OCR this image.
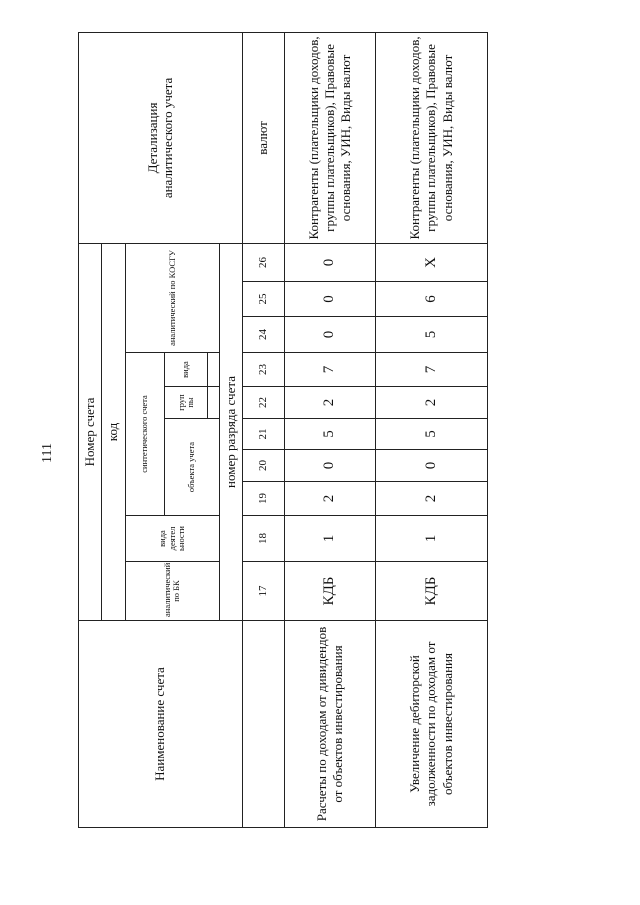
111
Наименование счета	Номер счета										Детализация аналитического учета
	код										
	аналитичеcкий по БК	вида деятел ьности	синтетического счета					аналитический по КОСГУ			
			объекта учета			груп пы	вида				

	номер разряда счета										
	17	18	19	20	21	22	23	24	25	26	валют
Расчеты по доходам от дивидендов от объектов инвестирования	КДБ	1	2	0	5	2	7	0	0	0	Контрагенты (плательщики доходов, группы плательщиков), Правовые основания, УИН, Виды валют
Увеличение дебиторской задолженности по доходам от объектов инвестирования	КДБ	1	2	0	5	2	7	5	6	Х	Контрагенты (плательщики доходов, группы плательщиков), Правовые основания, УИН, Виды валют
